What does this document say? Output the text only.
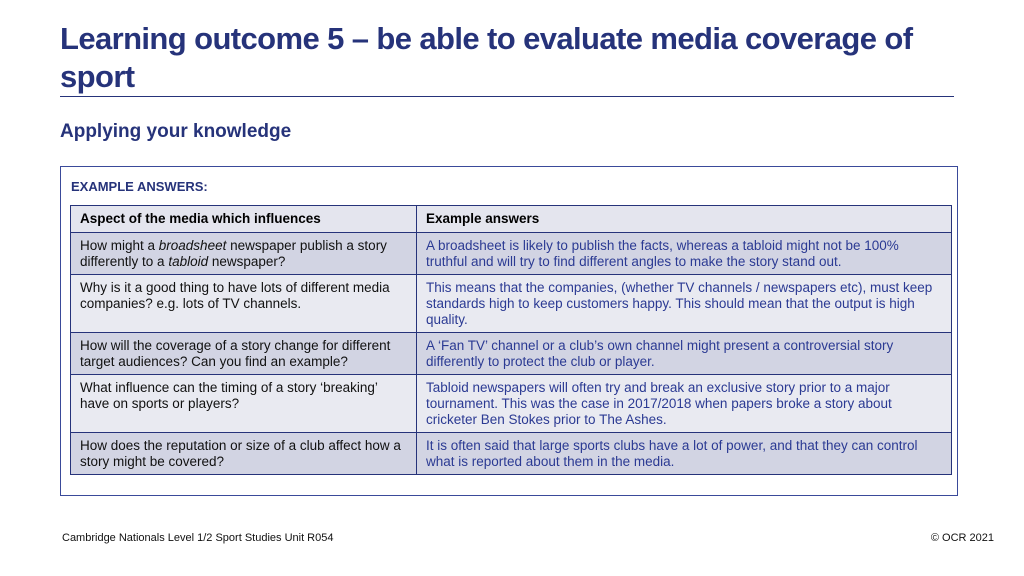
Learning outcome 5 – be able to evaluate media coverage of sport
Applying your knowledge
EXAMPLE ANSWERS:
Aspect of the media which influences	Example answers
How might a broadsheet newspaper publish a story differently to a tabloid newspaper?	A broadsheet is likely to publish the facts, whereas a tabloid might not be 100% truthful and will try to find different angles to make the story stand out.
Why is it a good thing to have lots of different media companies? e.g. lots of TV channels.	This means that the companies, (whether TV channels / newspapers etc), must keep standards high to keep customers happy. This should mean that the output is high quality.
How will the coverage of a story change for different target audiences? Can you find an example?	A ‘Fan TV’ channel or a club’s own channel might present a controversial story differently to protect the club or player.
What influence can the timing of a story ‘breaking’ have on sports or players?	Tabloid newspapers will often try and break an exclusive story prior to a major tournament. This was the case in 2017/2018 when papers broke a story about cricketer Ben Stokes prior to The Ashes.
How does the reputation or size of a club affect how a story might be covered?	It is often said that large sports clubs have a lot of power, and that they can control what is reported about them in the media.
Cambridge Nationals Level 1/2 Sport Studies Unit R054	© OCR 2021
